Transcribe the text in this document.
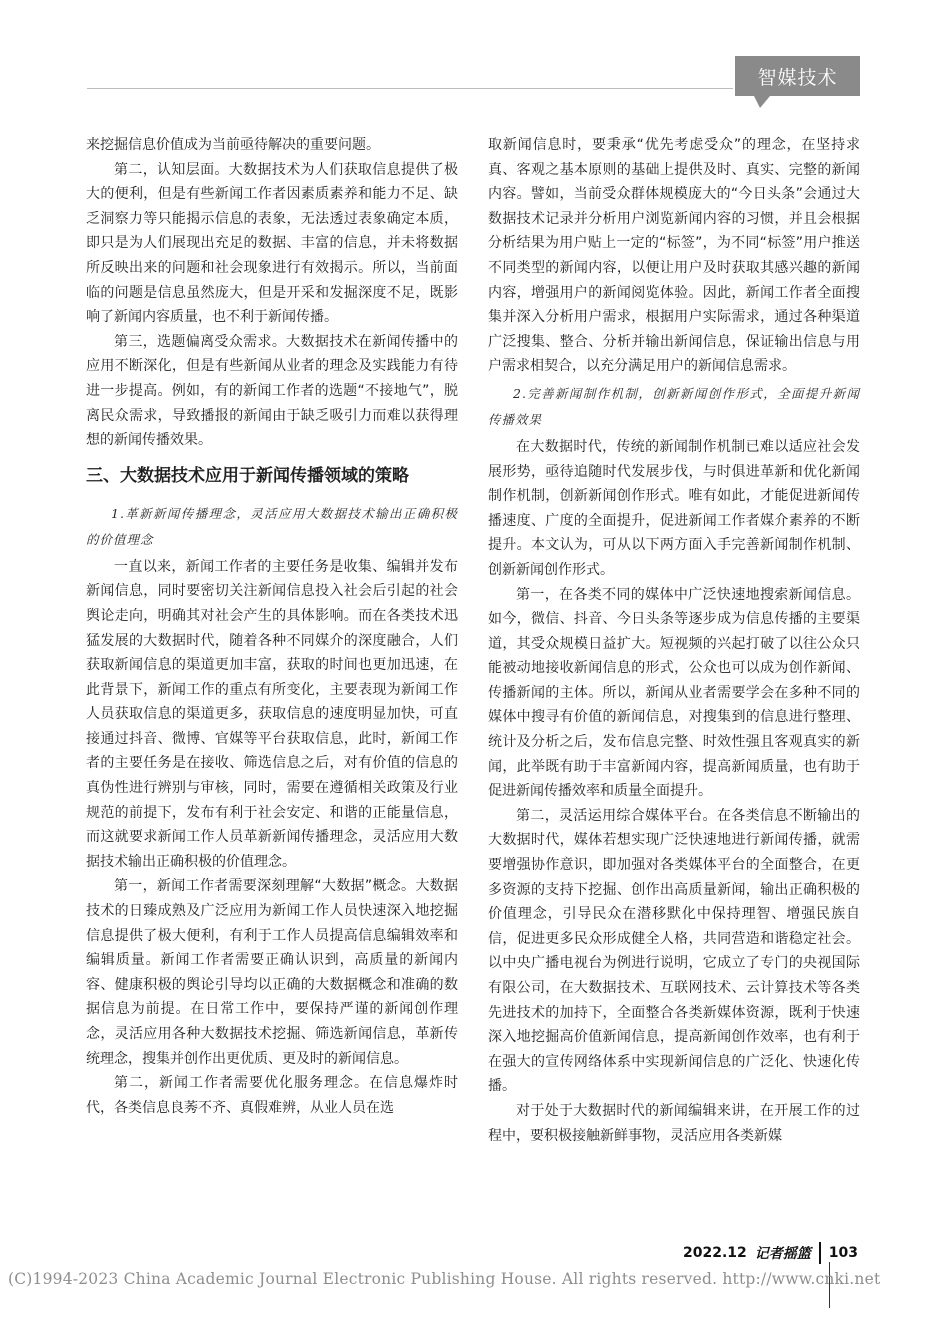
智媒技术

来挖掘信息价值成为当前亟待解决的重要问题。

第二，认知层面。大数据技术为人们获取信息提供了极大的便利，但是有些新闻工作者因素质素养和能力不足、缺乏洞察力等只能揭示信息的表象，无法透过表象确定本质，即只是为人们展现出充足的数据、丰富的信息，并未将数据所反映出来的问题和社会现象进行有效揭示。所以，当前面临的问题是信息虽然庞大，但是开采和发掘深度不足，既影响了新闻内容质量，也不利于新闻传播。

第三，选题偏离受众需求。大数据技术在新闻传播中的应用不断深化，但是有些新闻从业者的理念及实践能力有待进一步提高。例如，有的新闻工作者的选题“不接地气”，脱离民众需求，导致播报的新闻由于缺乏吸引力而难以获得理想的新闻传播效果。

三、大数据技术应用于新闻传播领域的策略
1.革新新闻传播理念，灵活应用大数据技术输出正确积极的价值理念

一直以来，新闻工作者的主要任务是收集、编辑并发布新闻信息，同时要密切关注新闻信息投入社会后引起的社会舆论走向，明确其对社会产生的具体影响。而在各类技术迅猛发展的大数据时代，随着各种不同媒介的深度融合，人们获取新闻信息的渠道更加丰富，获取的时间也更加迅速，在此背景下，新闻工作的重点有所变化，主要表现为新闻工作人员获取信息的渠道更多，获取信息的速度明显加快，可直接通过抖音、微博、官媒等平台获取信息，此时，新闻工作者的主要任务是在接收、筛选信息之后，对有价值的信息的真伪性进行辨别与审核，同时，需要在遵循相关政策及行业规范的前提下，发布有利于社会安定、和谐的正能量信息，而这就要求新闻工作人员革新新闻传播理念，灵活应用大数据技术输出正确积极的价值理念。

第一，新闻工作者需要深刻理解“大数据”概念。大数据技术的日臻成熟及广泛应用为新闻工作人员快速深入地挖掘信息提供了极大便利，有利于工作人员提高信息编辑效率和编辑质量。新闻工作者需要正确认识到，高质量的新闻内容、健康积极的舆论引导均以正确的大数据概念和准确的数据信息为前提。在日常工作中，要保持严谨的新闻创作理念，灵活应用各种大数据技术挖掘、筛选新闻信息，革新传统理念，搜集并创作出更优质、更及时的新闻信息。

第二，新闻工作者需要优化服务理念。在信息爆炸时代，各类信息良莠不齐、真假难辨，从业人员在选

取新闻信息时，要秉承“优先考虑受众”的理念，在坚持求真、客观之基本原则的基础上提供及时、真实、完整的新闻内容。譬如，当前受众群体规模庞大的“今日头条”会通过大数据技术记录并分析用户浏览新闻内容的习惯，并且会根据分析结果为用户贴上一定的“标签”，为不同“标签”用户推送不同类型的新闻内容，以便让用户及时获取其感兴趣的新闻内容，增强用户的新闻阅览体验。因此，新闻工作者全面搜集并深入分析用户需求，根据用户实际需求，通过各种渠道广泛搜集、整合、分析并输出新闻信息，保证输出信息与用户需求相契合，以充分满足用户的新闻信息需求。

2.完善新闻制作机制，创新新闻创作形式，全面提升新闻传播效果

在大数据时代，传统的新闻制作机制已难以适应社会发展形势，亟待追随时代发展步伐，与时俱进革新和优化新闻制作机制，创新新闻创作形式。唯有如此，才能促进新闻传播速度、广度的全面提升，促进新闻工作者媒介素养的不断提升。本文认为，可从以下两方面入手完善新闻制作机制、创新新闻创作形式。

第一，在各类不同的媒体中广泛快速地搜索新闻信息。如今，微信、抖音、今日头条等逐步成为信息传播的主要渠道，其受众规模日益扩大。短视频的兴起打破了以往公众只能被动地接收新闻信息的形式，公众也可以成为创作新闻、传播新闻的主体。所以，新闻从业者需要学会在多种不同的媒体中搜寻有价值的新闻信息，对搜集到的信息进行整理、统计及分析之后，发布信息完整、时效性强且客观真实的新闻，此举既有助于丰富新闻内容，提高新闻质量，也有助于促进新闻传播效率和质量全面提升。

第二，灵活运用综合媒体平台。在各类信息不断输出的大数据时代，媒体若想实现广泛快速地进行新闻传播，就需要增强协作意识，即加强对各类媒体平台的全面整合，在更多资源的支持下挖掘、创作出高质量新闻，输出正确积极的价值理念，引导民众在潜移默化中保持理智、增强民族自信，促进更多民众形成健全人格，共同营造和谐稳定社会。以中央广播电视台为例进行说明，它成立了专门的央视国际有限公司，在大数据技术、互联网技术、云计算技术等各类先进技术的加持下，全面整合各类新媒体资源，既利于快速深入地挖掘高价值新闻信息，提高新闻创作效率，也有利于在强大的宣传网络体系中实现新闻信息的广泛化、快速化传播。

对于处于大数据时代的新闻编辑来讲，在开展工作的过程中，要积极接触新鲜事物，灵活应用各类新媒

2022.12 记者摇篮 103
(C)1994-2023 China Academic Journal Electronic Publishing House. All rights reserved. http://www.cnki.net
